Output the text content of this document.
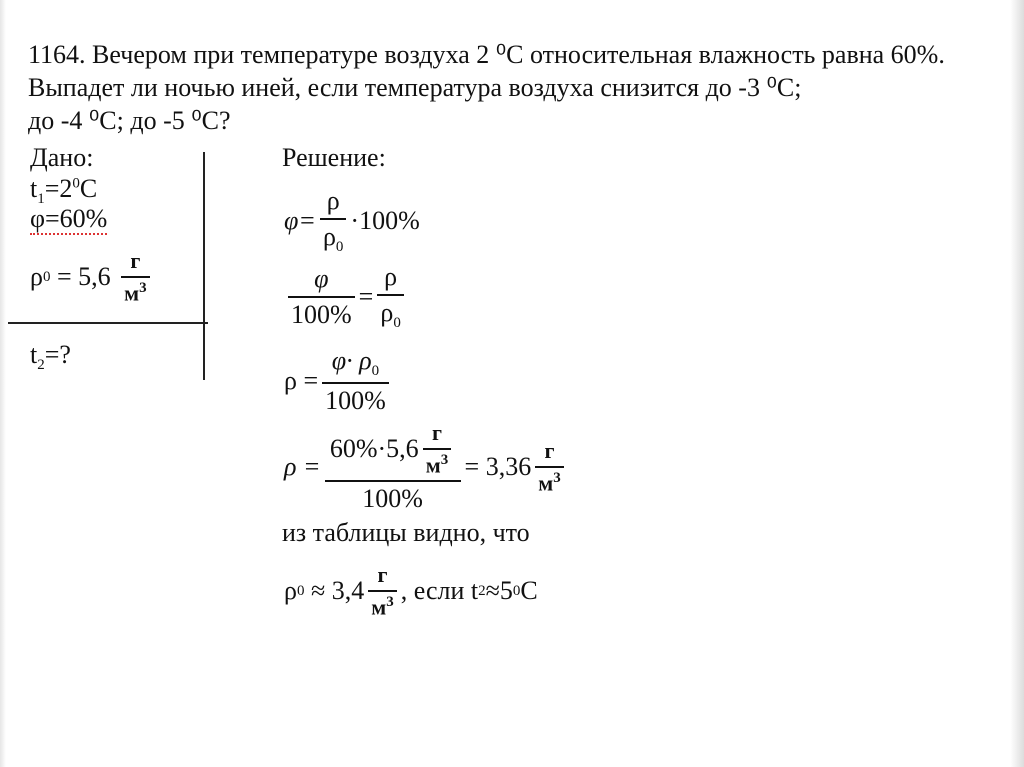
1164. Вечером при температуре воздуха 2 ⁰С относительная влажность равна 60%.
Выпадет ли ночью иней, если температура воздуха снизится до -3 ⁰С;
до -4 ⁰С; до -5 ⁰С?
Дано:
$t_1=2^0С$
φ=60%
ρ $0 = 5,6 \frac{г}{м^3}$
$t_2=$?
Решение:
$\varphi= \frac{\rho}{\rho_0} \cdot 100\%$
$\frac{\varphi}{100\%} = \frac{\rho}{\rho_0}$
$\rho = \frac{\varphi\cdot \rho_0}{100\%}$
$\rho = \frac{60\%\cdot 5,6 \frac{г}{м^3}}{100\%} = 3,36 \frac{г}{м^3}$
из таблицы видно, что
ρ $0 \approx 3,4 \frac{г}{м^3}$ , если t 2 ≈5 0 С
